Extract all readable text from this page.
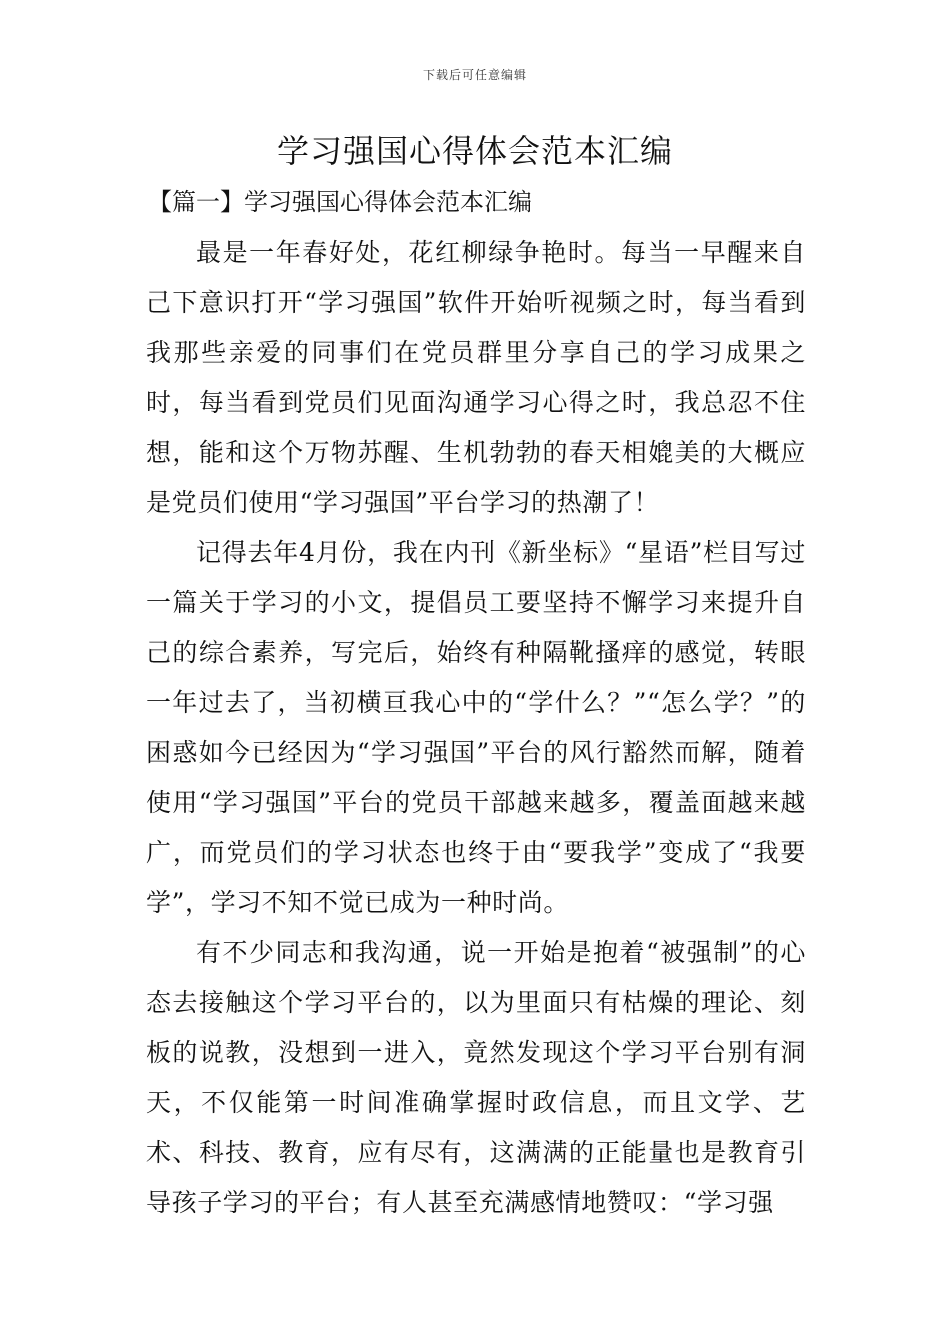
下载后可任意编辑
学习强国心得体会范本汇编
【篇一】学习强国心得体会范本汇编

最是一年春好处，花红柳绿争艳时。每当一早醒来自己下意识打开“学习强国”软件开始听视频之时，每当看到我那些亲爱的同事们在党员群里分享自己的学习成果之时，每当看到党员们见面沟通学习心得之时，我总忍不住想，能和这个万物苏醒、生机勃勃的春天相媲美的大概应是党员们使用“学习强国”平台学习的热潮了！

记得去年4月份，我在内刊《新坐标》“星语”栏目写过一篇关于学习的小文，提倡员工要坚持不懈学习来提升自己的综合素养，写完后，始终有种隔靴搔痒的感觉，转眼一年过去了，当初横亘我心中的“学什么？”“怎么学？”的困惑如今已经因为“学习强国”平台的风行豁然而解，随着使用“学习强国”平台的党员干部越来越多，覆盖面越来越广，而党员们的学习状态也终于由“要我学”变成了“我要学”，学习不知不觉已成为一种时尚。

有不少同志和我沟通，说一开始是抱着“被强制”的心态去接触这个学习平台的，以为里面只有枯燥的理论、刻板的说教，没想到一进入，竟然发现这个学习平台别有洞天，不仅能第一时间准确掌握时政信息，而且文学、艺术、科技、教育，应有尽有，这满满的正能量也是教育引导孩子学习的平台；有人甚至充满感情地赞叹：“学习强
